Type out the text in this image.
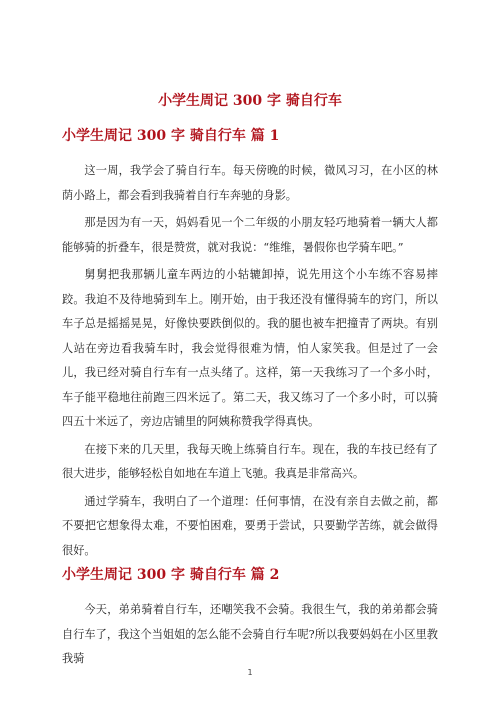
小学生周记 300 字 骑自行车
小学生周记 300 字 骑自行车 篇 1

这一周，我学会了骑自行车。每天傍晚的时候，微风习习，在小区的林荫小路上，都会看到我骑着自行车奔驰的身影。

那是因为有一天，妈妈看见一个二年级的小朋友轻巧地骑着一辆大人都能够骑的折叠车，很是赞赏，就对我说：“维维，暑假你也学骑车吧。”

舅舅把我那辆儿童车两边的小轱辘卸掉，说先用这个小车练不容易摔跤。我迫不及待地骑到车上。刚开始，由于我还没有懂得骑车的窍门，所以车子总是摇摇晃晃，好像快要跌倒似的。我的腿也被车把撞青了两块。有别人站在旁边看我骑车时，我会觉得很难为情，怕人家笑我。但是过了一会儿，我已经对骑自行车有一点头绪了。这样，第一天我练习了一个多小时，车子能平稳地往前跑三四米远了。第二天，我又练习了一个多小时，可以骑四五十米远了，旁边店铺里的阿姨称赞我学得真快。

在接下来的几天里，我每天晚上练骑自行车。现在，我的车技已经有了很大进步，能够轻松自如地在车道上飞驰。我真是非常高兴。

通过学骑车，我明白了一个道理：任何事情，在没有亲自去做之前，都不要把它想象得太难，不要怕困难，要勇于尝试，只要勤学苦练，就会做得很好。

小学生周记 300 字 骑自行车 篇 2

今天，弟弟骑着自行车，还嘲笑我不会骑。我很生气，我的弟弟都会骑自行车了，我这个当姐姐的怎么能不会骑自行车呢?所以我要妈妈在小区里教我骑

1
